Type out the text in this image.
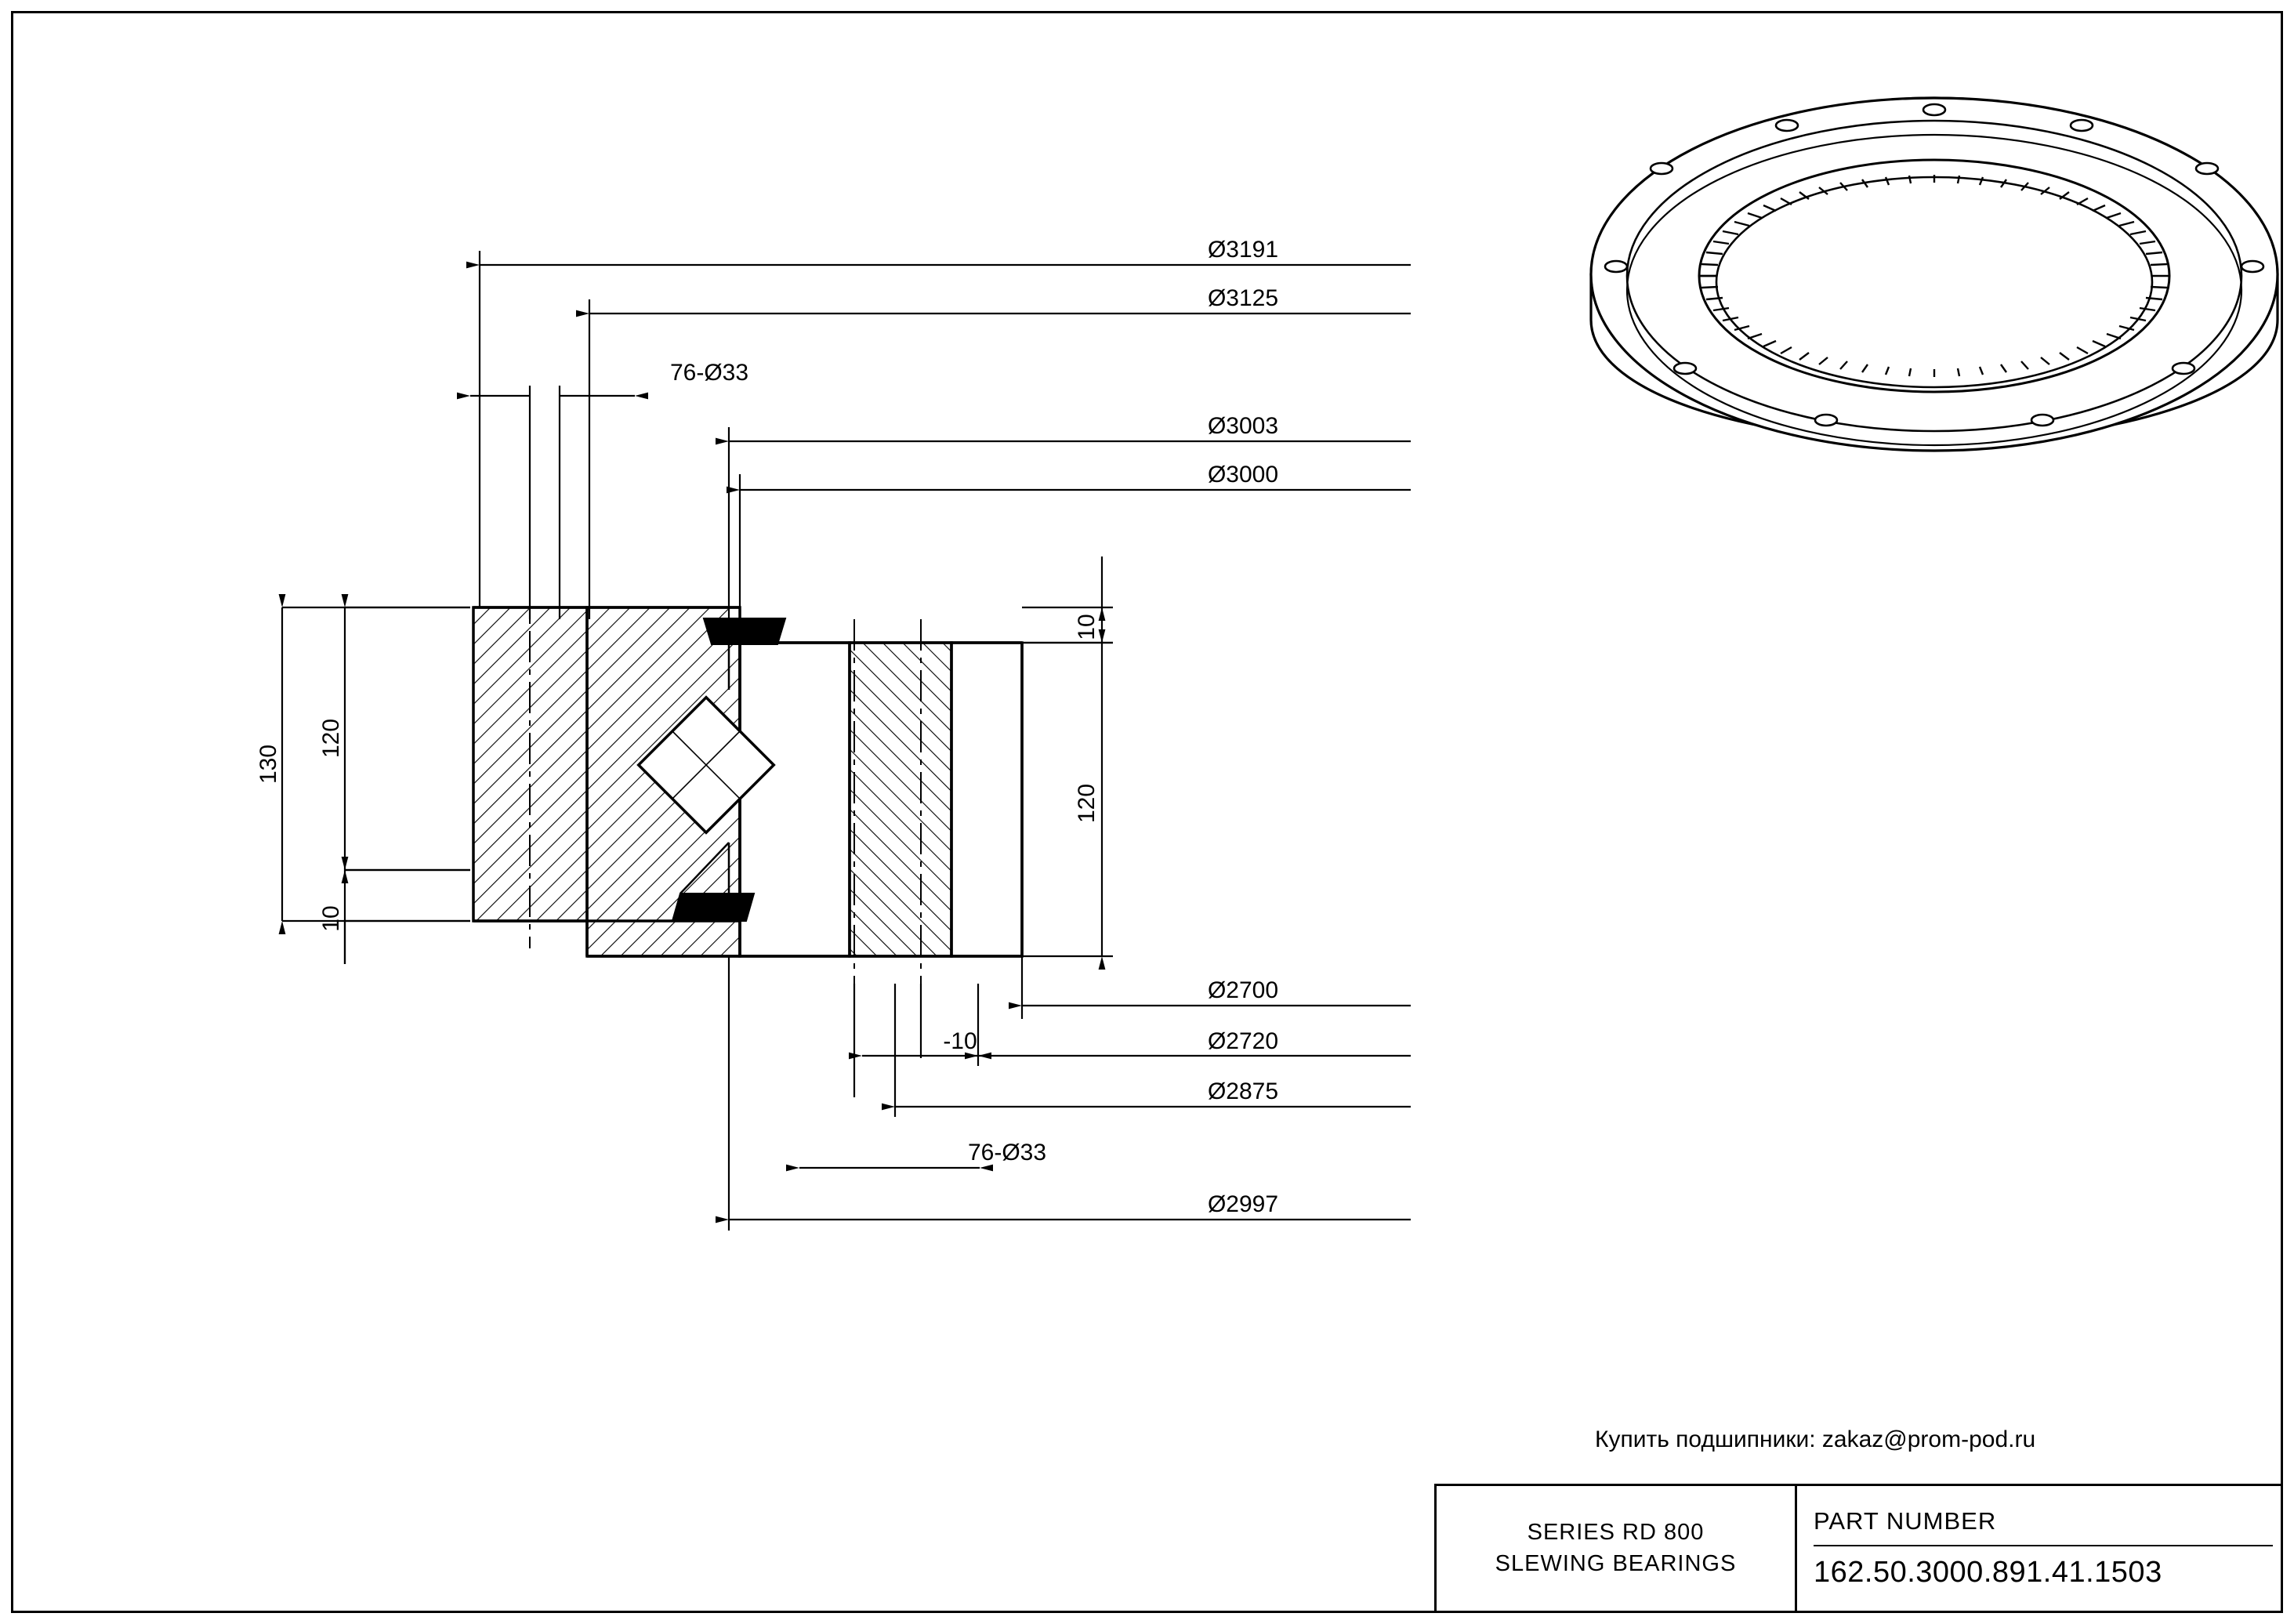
Ø3191
Ø3125
76-Ø33
Ø3003
Ø3000
Ø2700
-10	Ø2720
Ø2875
76-Ø33
Ø2997
130
120
10
10
120
Купить подшипники: zakaz@prom-pod.ru
SERIES RD 800
SLEWING BEARINGS
PART NUMBER
162.50.3000.891.41.1503
